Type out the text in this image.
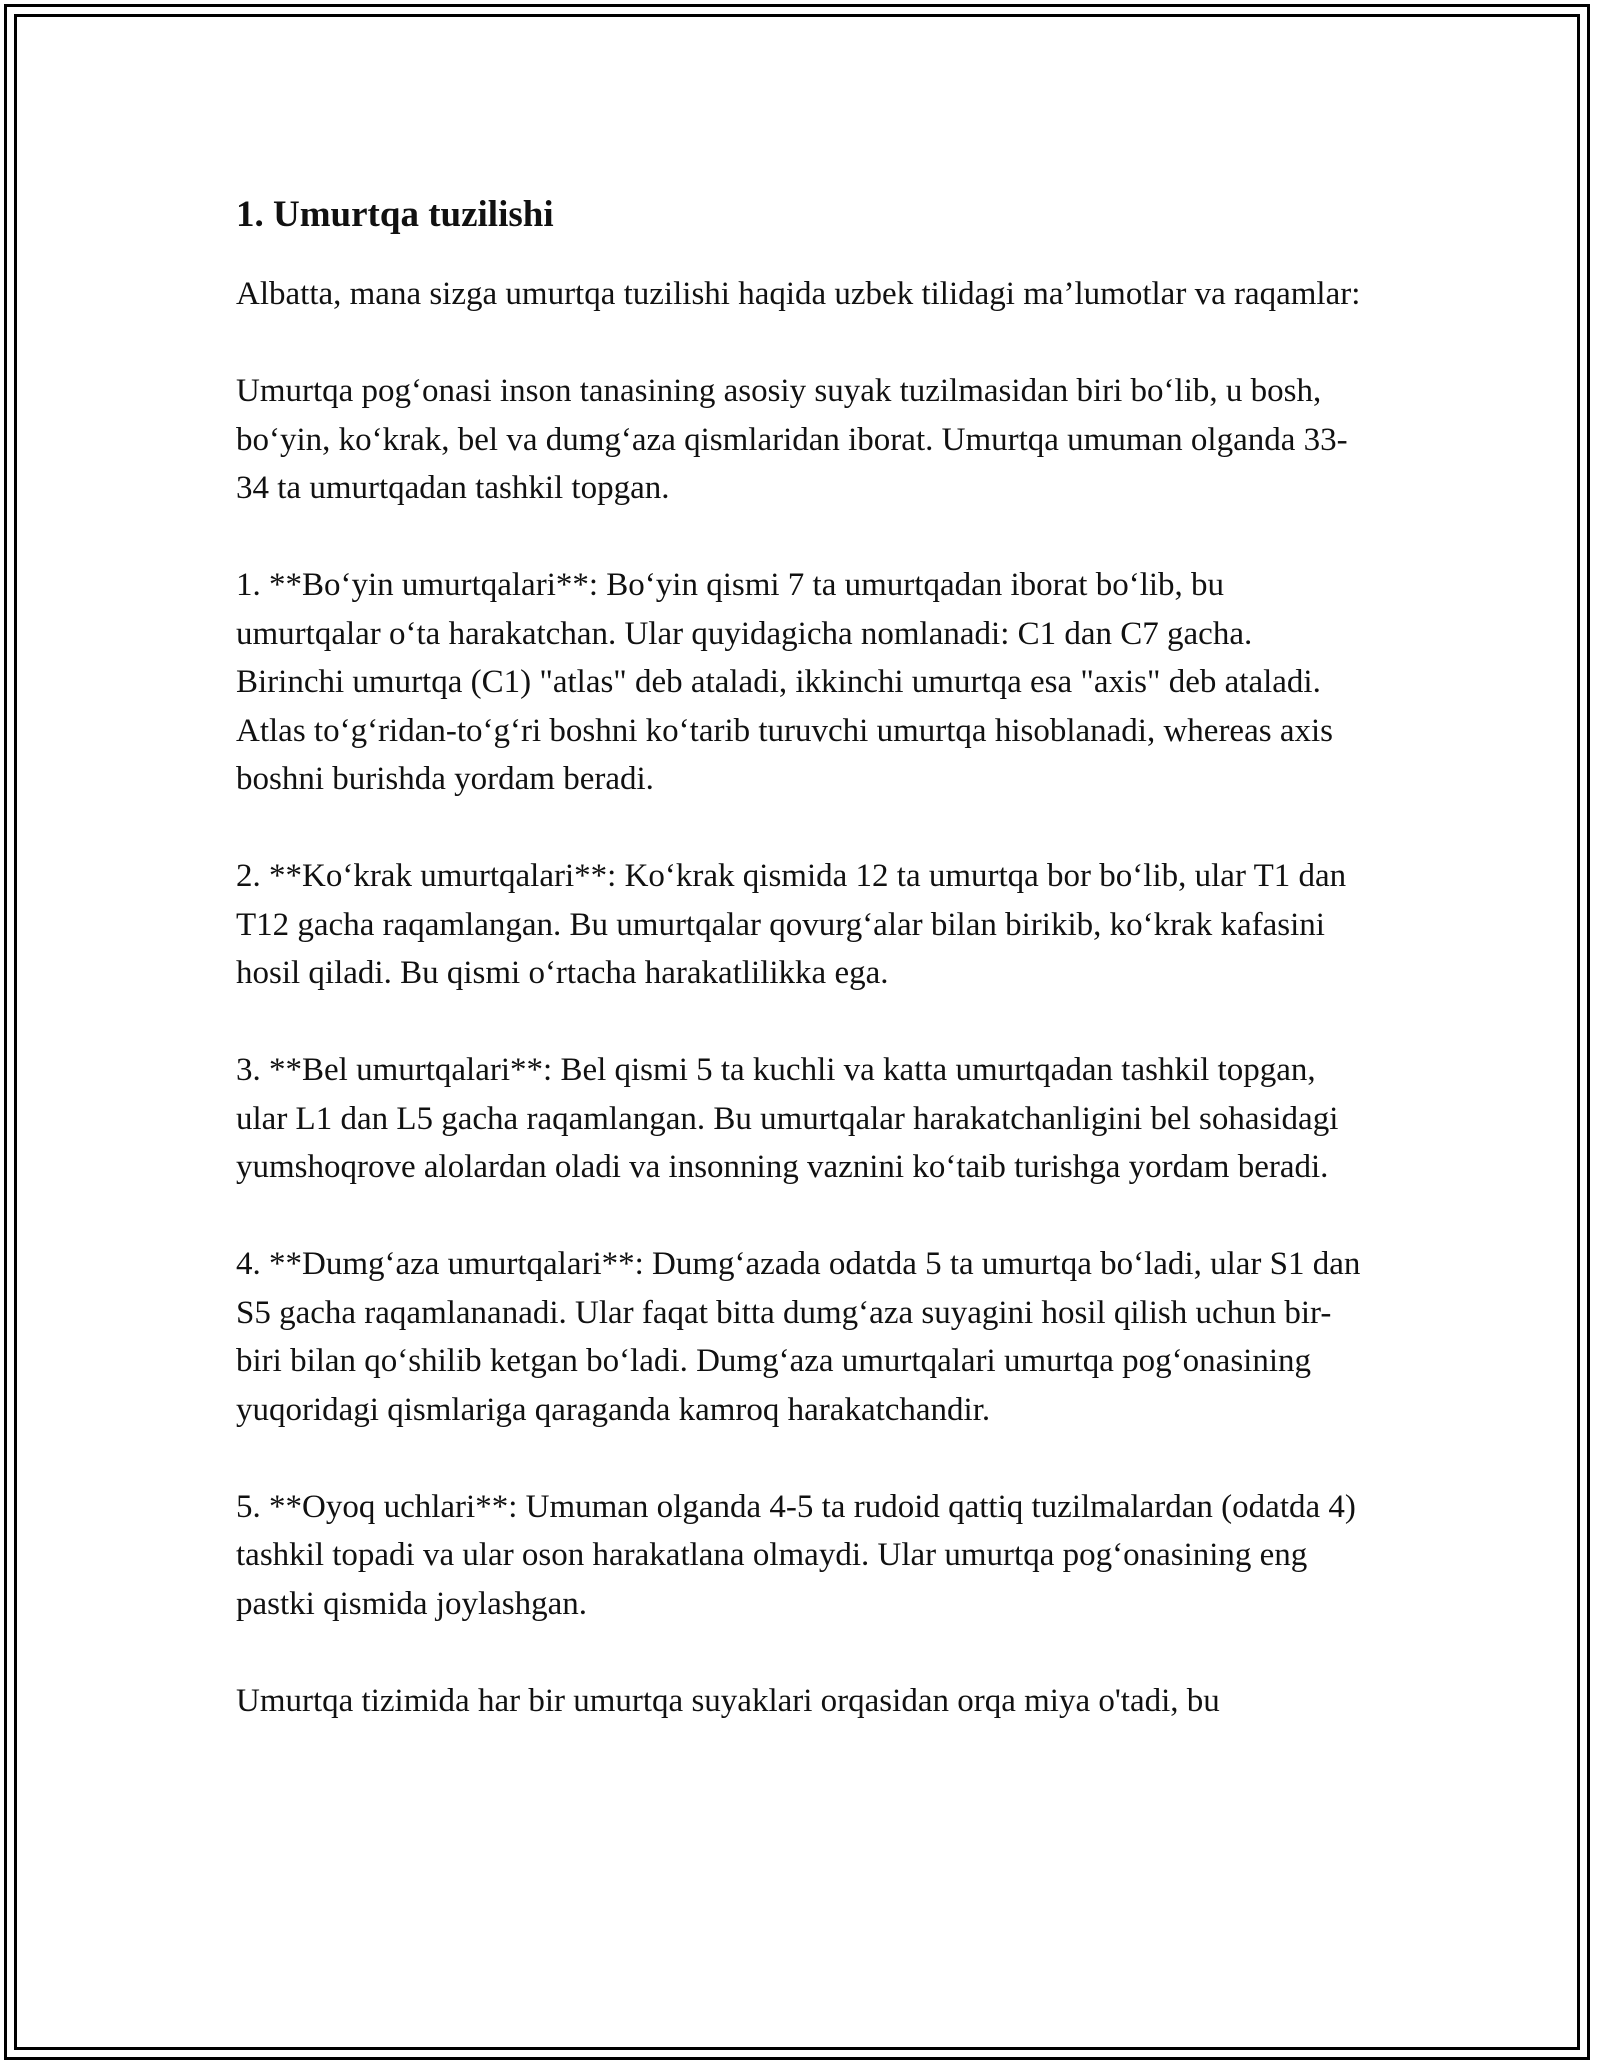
1. Umurtqa tuzilishi

Albatta, mana sizga umurtqa tuzilishi haqida uzbek tilidagi ma’lumotlar va raqamlar:

Umurtqa pog‘onasi inson tanasining asosiy suyak tuzilmasidan biri bo‘lib, u bosh, bo‘yin, ko‘krak, bel va dumg‘aza qismlaridan iborat. Umurtqa umuman olganda 33-34 ta umurtqadan tashkil topgan.

1. **Bo‘yin umurtqalari**: Bo‘yin qismi 7 ta umurtqadan iborat bo‘lib, bu umurtqalar o‘ta harakatchan. Ular quyidagicha nomlanadi: C1 dan C7 gacha. Birinchi umurtqa (C1) "atlas" deb ataladi, ikkinchi umurtqa esa "axis" deb ataladi. Atlas to‘g‘ridan-to‘g‘ri boshni ko‘tarib turuvchi umurtqa hisoblanadi, whereas axis boshni burishda yordam beradi.

2. **Ko‘krak umurtqalari**: Ko‘krak qismida 12 ta umurtqa bor bo‘lib, ular T1 dan T12 gacha raqamlangan. Bu umurtqalar qovurg‘alar bilan birikib, ko‘krak kafasini hosil qiladi. Bu qismi o‘rtacha harakatlilikka ega.

3. **Bel umurtqalari**: Bel qismi 5 ta kuchli va katta umurtqadan tashkil topgan, ular L1 dan L5 gacha raqamlangan. Bu umurtqalar harakatchanligini bel sohasidagi yumshoqrove alolardan oladi va insonning vaznini ko‘taib turishga yordam beradi.

4. **Dumg‘aza umurtqalari**: Dumg‘azada odatda 5 ta umurtqa bo‘ladi, ular S1 dan S5 gacha raqamlananadi. Ular faqat bitta dumg‘aza suyagini hosil qilish uchun bir-biri bilan qo‘shilib ketgan bo‘ladi. Dumg‘aza umurtqalari umurtqa pog‘onasining yuqoridagi qismlariga qaraganda kamroq harakatchandir.

5. **Oyoq uchlari**: Umuman olganda 4-5 ta rudoid qattiq tuzilmalardan (odatda 4) tashkil topadi va ular oson harakatlana olmaydi. Ular umurtqa pog‘onasining eng pastki qismida joylashgan.

Umurtqa tizimida har bir umurtqa suyaklari orqasidan orqa miya o'tadi, bu
